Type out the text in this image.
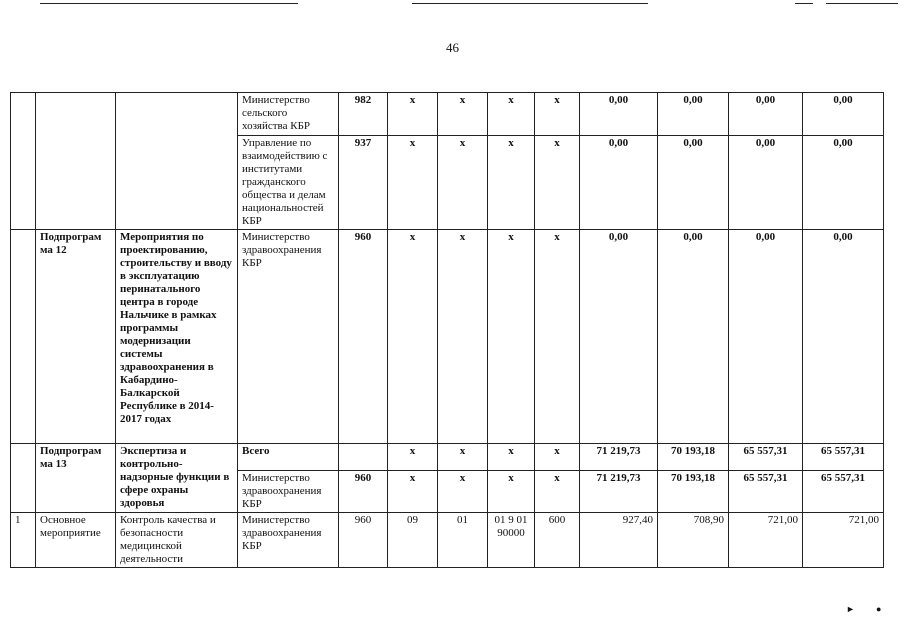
46
			Министерство сельского хозяйства КБР	982	х	х	х	х	0,00	0,00	0,00	0,00
			Управление по взаимодействию с институтами гражданского общества и делам национальностей КБР	937	х	х	х	х	0,00	0,00	0,00	0,00
	Подпрограм ма 12	Мероприятия по проектированию, строительству и вводу в эксплуатацию перинатального центра в городе Нальчике в рамках программы модернизации системы здравоохранения в Кабардино-Балкарской Республике в 2014-2017 годах	Министерство здравоохранения КБР	960	х	х	х	х	0,00	0,00	0,00	0,00
	Подпрограм ма 13	Экспертиза и контрольно-надзорные функции в сфере охраны здоровья	Всего		х	х	х	х	71 219,73	70 193,18	65 557,31	65 557,31
			Министерство здравоохранения КБР	960	х	х	х	х	71 219,73	70 193,18	65 557,31	65 557,31
1	Основное мероприятие	Контроль качества и безопасности медицинской деятельности	Министерство здравоохранения КБР	960	09	01	01 9 01 90000	600	927,40	708,90	721,00	721,00
► ●
